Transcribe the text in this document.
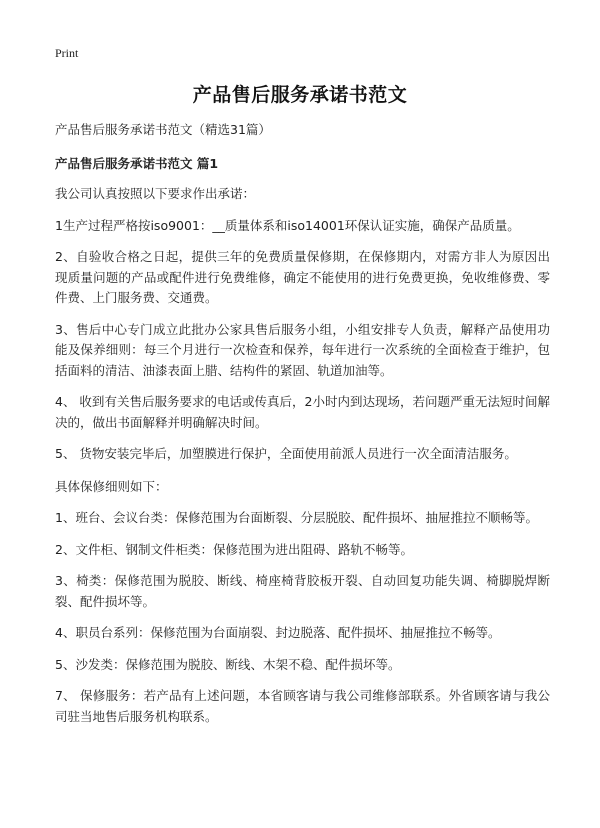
Print
产品售后服务承诺书范文

产品售后服务承诺书范文（精选31篇）

产品售后服务承诺书范文 篇1

我公司认真按照以下要求作出承诺：

1生产过程严格按iso9001：__质量体系和iso14001环保认证实施，确保产品质量。

2、自验收合格之日起，提供三年的免费质量保修期，在保修期内，对需方非人为原因出现质量问题的产品或配件进行免费维修，确定不能使用的进行免费更换，免收维修费、零件费、上门服务费、交通费。

3、售后中心专门成立此批办公家具售后服务小组，小组安排专人负责，解释产品使用功能及保养细则：每三个月进行一次检查和保养，每年进行一次系统的全面检查于维护，包括面料的清洁、油漆表面上腊、结构件的紧固、轨道加油等。

4、 收到有关售后服务要求的电话或传真后，2小时内到达现场，若问题严重无法短时间解决的，做出书面解释并明确解决时间。

5、 货物安装完毕后，加塑膜进行保护，全面使用前派人员进行一次全面清洁服务。

具体保修细则如下：

1、班台、会议台类：保修范围为台面断裂、分层脱胶、配件损坏、抽屉推拉不顺畅等。

2、文件柜、钢制文件柜类：保修范围为进出阻碍、路轨不畅等。

3、椅类：保修范围为脱胶、断线、椅座椅背胶板开裂、自动回复功能失调、椅脚脱焊断裂、配件损坏等。

4、职员台系列：保修范围为台面崩裂、封边脱落、配件损坏、抽屉推拉不畅等。

5、沙发类：保修范围为脱胶、断线、木架不稳、配件损坏等。

7、 保修服务：若产品有上述问题，本省顾客请与我公司维修部联系。外省顾客请与我公司驻当地售后服务机构联系。
